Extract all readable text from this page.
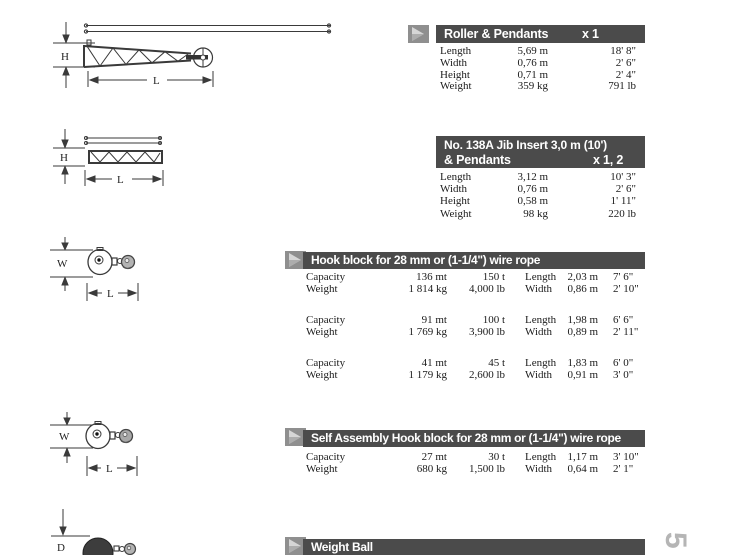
H
L
H
L
W
L
W
L
D
Roller & Pendants	x 1
Length	5,69 m	18' 8"
Width	0,76 m	2' 6"
Height	0,71 m	2' 4"
Weight	359 kg	791 lb
No. 138A Jib Insert 3,0 m (10')
& Pendants	x 1, 2
Length	3,12 m	10' 3"
Width	0,76 m	2' 6"
Height	0,58 m	1' 11"
Weight	98 kg	220 lb
Hook block for 28 mm or (1-1/4") wire rope
Capacity	136 mt	150 t	Length	2,03 m	7' 6"
Weight	1 814 kg	4,000 lb	Width	0,86 m	2' 10"
Capacity	91 mt	100 t	Length	1,98 m	6' 6"
Weight	1 769 kg	3,900 lb	Width	0,89 m	2' 11"
Capacity	41 mt	45 t	Length	1,83 m	6' 0"
Weight	1 179 kg	2,600 lb	Width	0,91 m	3' 0"
Self Assembly Hook block for 28 mm or (1-1/4") wire rope
Capacity	27 mt	30 t	Length	1,17 m	3' 10"
Weight	680 kg	1,500 lb	Width	0,64 m	2' 1"
Weight Ball	5
